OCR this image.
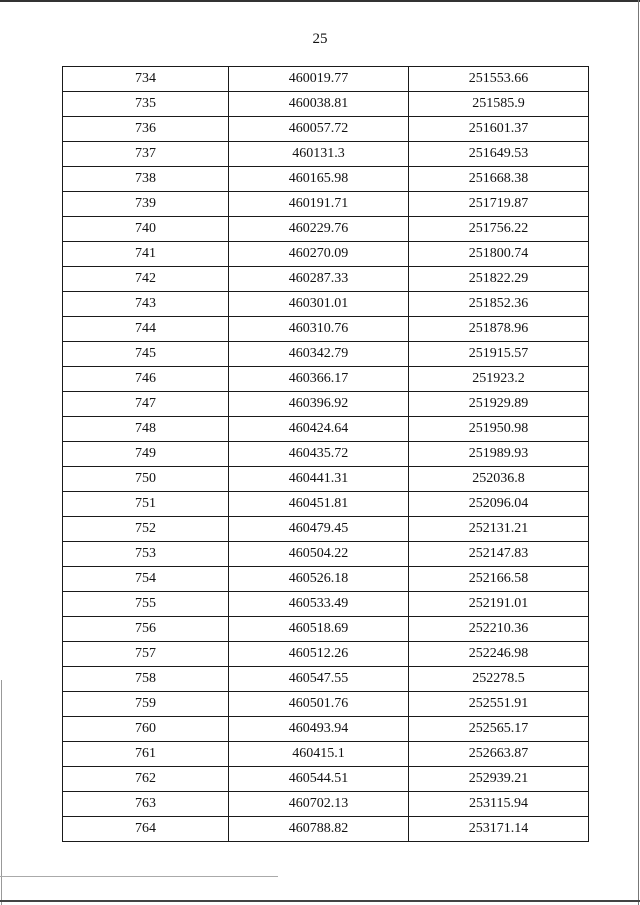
25
734	460019.77	251553.66
735	460038.81	251585.9
736	460057.72	251601.37
737	460131.3	251649.53
738	460165.98	251668.38
739	460191.71	251719.87
740	460229.76	251756.22
741	460270.09	251800.74
742	460287.33	251822.29
743	460301.01	251852.36
744	460310.76	251878.96
745	460342.79	251915.57
746	460366.17	251923.2
747	460396.92	251929.89
748	460424.64	251950.98
749	460435.72	251989.93
750	460441.31	252036.8
751	460451.81	252096.04
752	460479.45	252131.21
753	460504.22	252147.83
754	460526.18	252166.58
755	460533.49	252191.01
756	460518.69	252210.36
757	460512.26	252246.98
758	460547.55	252278.5
759	460501.76	252551.91
760	460493.94	252565.17
761	460415.1	252663.87
762	460544.51	252939.21
763	460702.13	253115.94
764	460788.82	253171.14
